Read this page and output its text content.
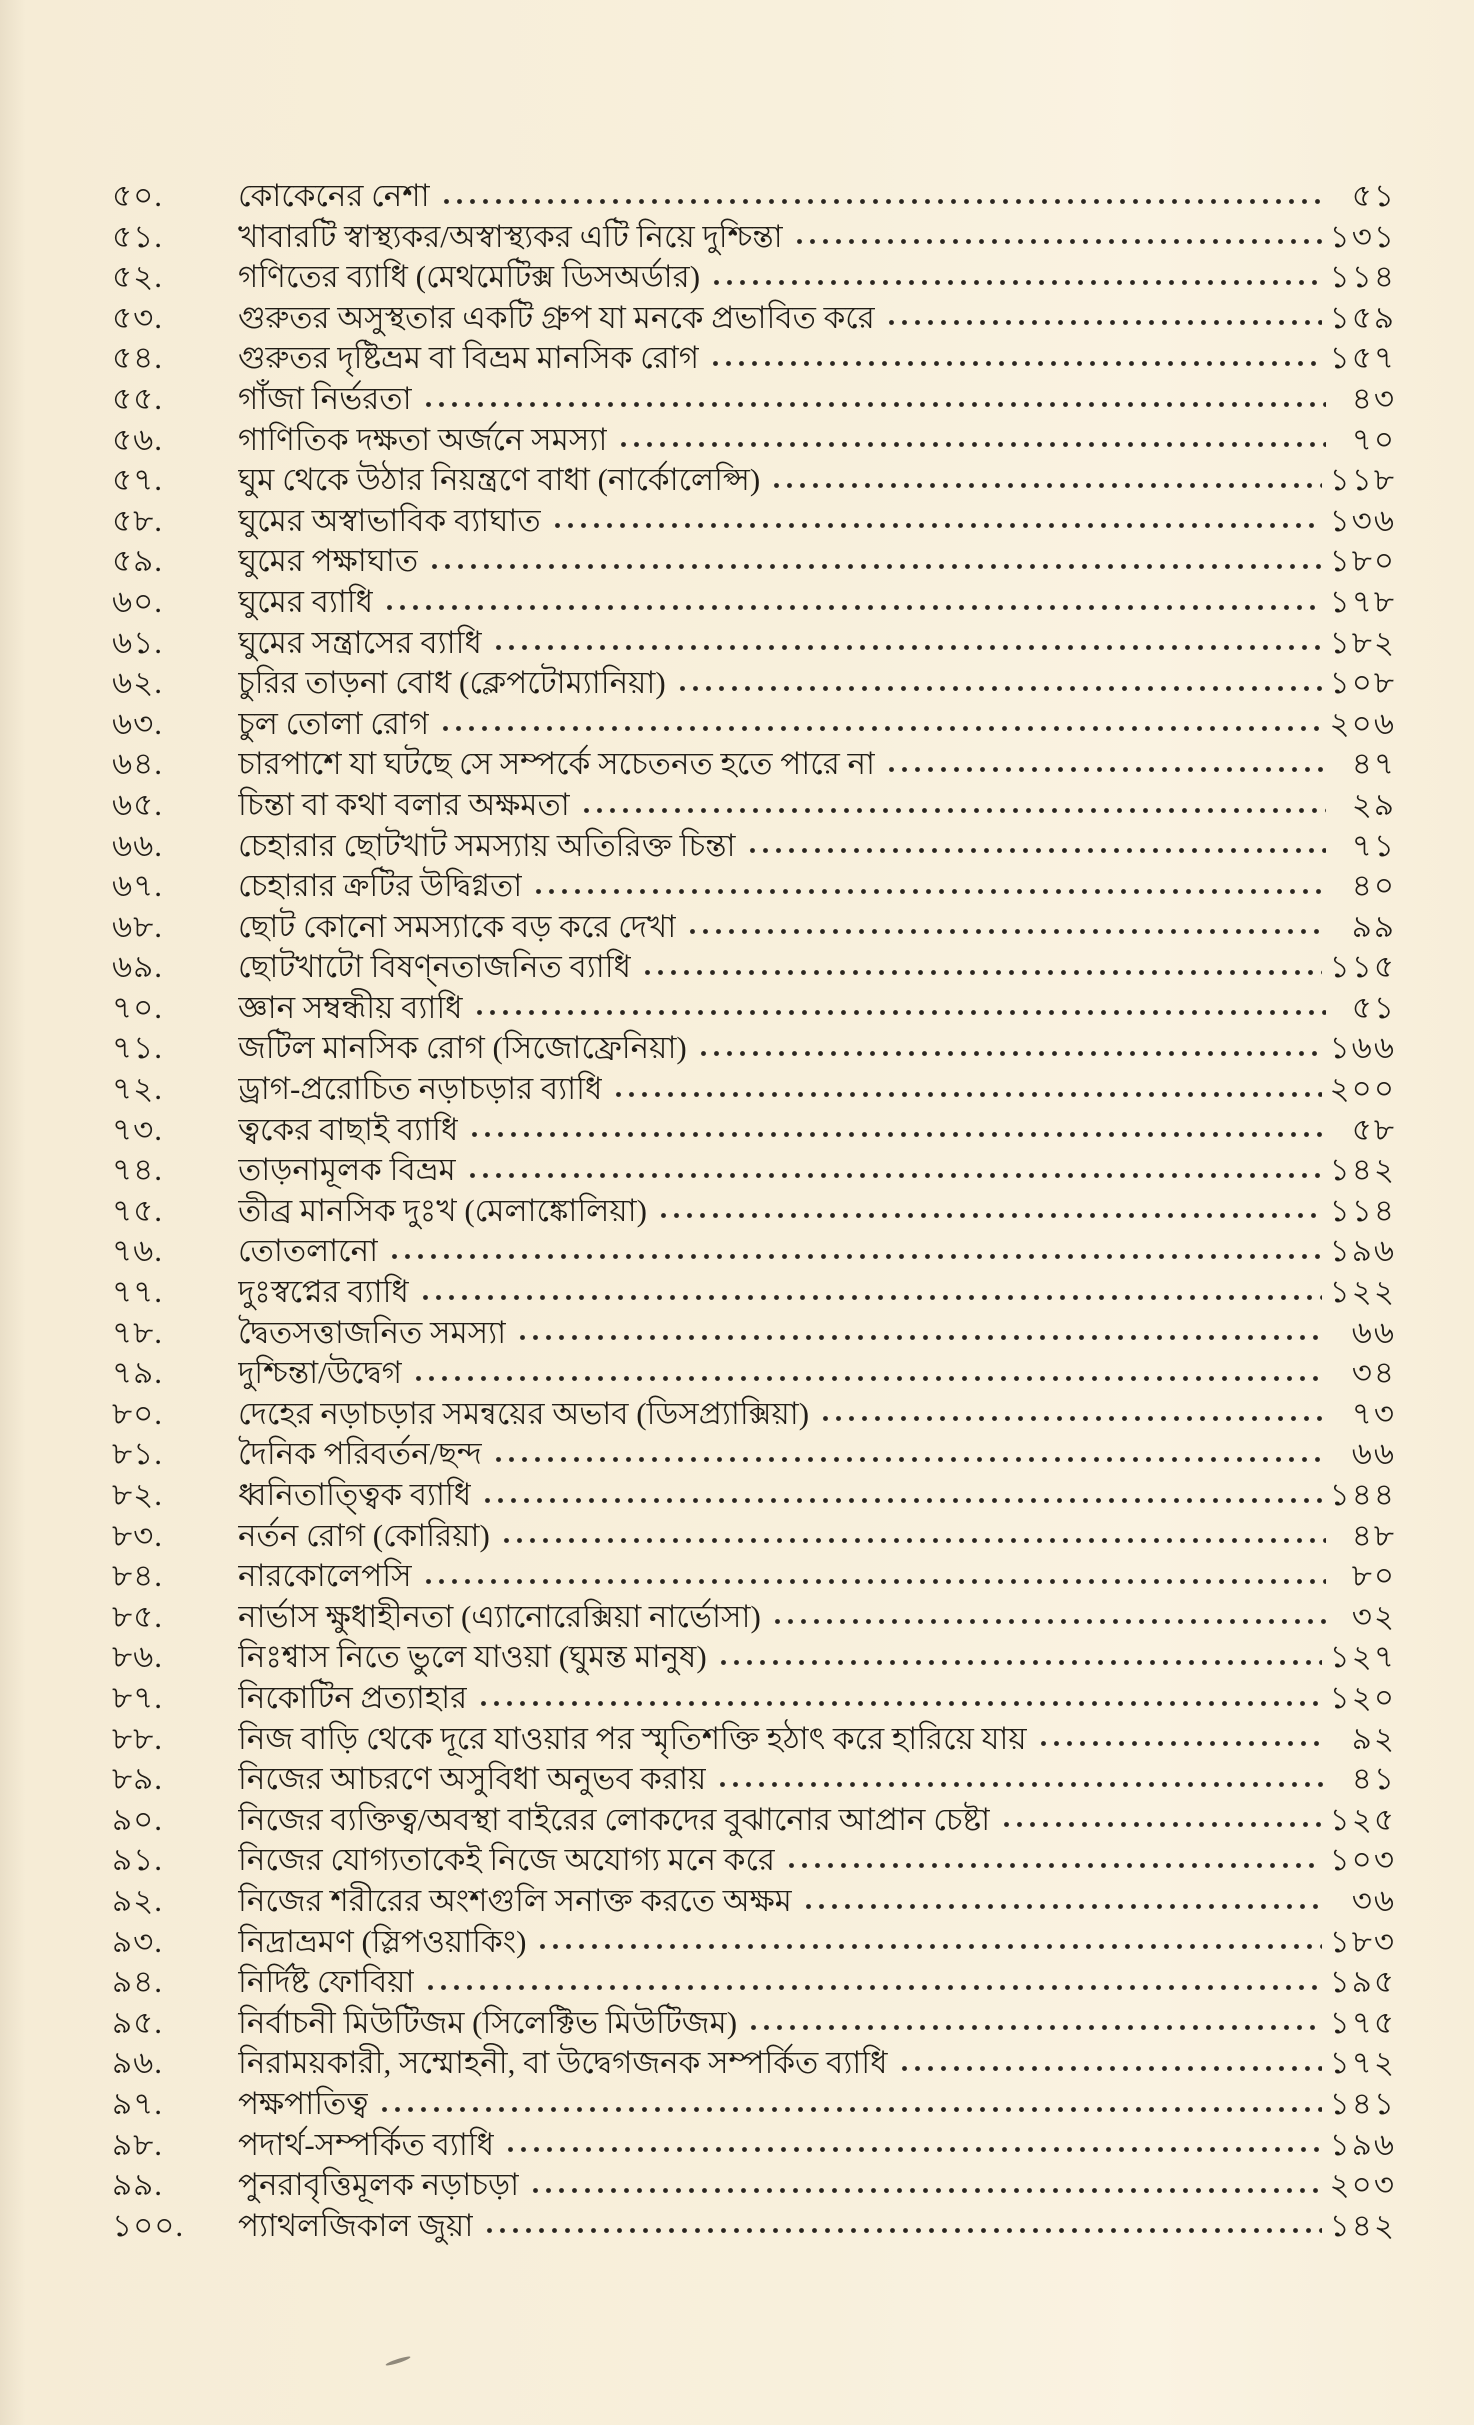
৫০.	কোকেনের নেশা	৫১
৫১.	খাবারটি স্বাস্থ্যকর/অস্বাস্থ্যকর এটি নিয়ে দুশ্চিন্তা	১৩১
৫২.	গণিতের ব্যাধি (মেথমেটিক্স ডিসঅর্ডার)	১১৪
৫৩.	গুরুতর অসুস্থতার একটি গ্রুপ যা মনকে প্রভাবিত করে	১৫৯
৫৪.	গুরুতর দৃষ্টিভ্রম বা বিভ্রম মানসিক রোগ	১৫৭
৫৫.	গাঁজা নির্ভরতা	৪৩
৫৬.	গাণিতিক দক্ষতা অর্জনে সমস্যা	৭০
৫৭.	ঘুম থেকে উঠার নিয়ন্ত্রণে বাধা (নার্কোলেপ্সি)	১১৮
৫৮.	ঘুমের অস্বাভাবিক ব্যাঘাত	১৩৬
৫৯.	ঘুমের পক্ষাঘাত	১৮০
৬০.	ঘুমের ব্যাধি	১৭৮
৬১.	ঘুমের সন্ত্রাসের ব্যাধি	১৮২
৬২.	চুরির তাড়না বোধ (ক্লেপটোম্যানিয়া)	১০৮
৬৩.	চুল তোলা রোগ	২০৬
৬৪.	চারপাশে যা ঘটছে সে সম্পর্কে সচেতনত হতে পারে না	৪৭
৬৫.	চিন্তা বা কথা বলার অক্ষমতা	২৯
৬৬.	চেহারার ছোটখাট সমস্যায় অতিরিক্ত চিন্তা	৭১
৬৭.	চেহারার ক্রটির উদ্বিগ্নতা	৪০
৬৮.	ছোট কোনো সমস্যাকে বড় করে দেখা	৯৯
৬৯.	ছোটখাটো বিষণ্নতাজনিত ব্যাধি	১১৫
৭০.	জ্ঞান সম্বন্ধীয় ব্যাধি	৫১
৭১.	জটিল মানসিক রোগ (সিজোফ্রেনিয়া)	১৬৬
৭২.	ড্রাগ-প্ররোচিত নড়াচড়ার ব্যাধি	২০০
৭৩.	ত্বকের বাছাই ব্যাধি	৫৮
৭৪.	তাড়নামূলক বিভ্রম	১৪২
৭৫.	তীব্র মানসিক দুঃখ (মেলাঙ্কোলিয়া)	১১৪
৭৬.	তোতলানো	১৯৬
৭৭.	দুঃস্বপ্নের ব্যাধি	১২২
৭৮.	দ্বৈতসত্তাজনিত সমস্যা	৬৬
৭৯.	দুশ্চিন্তা/উদ্বেগ	৩৪
৮০.	দেহের নড়াচড়ার সমন্বয়ের অভাব (ডিসপ্র্যাক্সিয়া)	৭৩
৮১.	দৈনিক পরিবর্তন/ছন্দ	৬৬
৮২.	ধ্বনিতাত্ত্বিক ব্যাধি	১৪৪
৮৩.	নর্তন রোগ (কোরিয়া)	৪৮
৮৪.	নারকোলেপসি	৮০
৮৫.	নার্ভাস ক্ষুধাহীনতা (এ্যানোরেক্সিয়া নার্ভোসা)	৩২
৮৬.	নিঃশ্বাস নিতে ভুলে যাওয়া (ঘুমন্ত মানুষ)	১২৭
৮৭.	নিকোটিন প্রত্যাহার	১২০
৮৮.	নিজ বাড়ি থেকে দূরে যাওয়ার পর স্মৃতিশক্তি হঠাৎ করে হারিয়ে যায়	৯২
৮৯.	নিজের আচরণে অসুবিধা অনুভব করায়	৪১
৯০.	নিজের ব্যক্তিত্ব/অবস্থা বাইরের লোকদের বুঝানোর আপ্রান চেষ্টা	১২৫
৯১.	নিজের যোগ্যতাকেই নিজে অযোগ্য মনে করে	১০৩
৯২.	নিজের শরীরের অংশগুলি সনাক্ত করতে অক্ষম	৩৬
৯৩.	নিদ্রাভ্রমণ (স্লিপওয়াকিং)	১৮৩
৯৪.	নির্দিষ্ট ফোবিয়া	১৯৫
৯৫.	নির্বাচনী মিউটিজম (সিলেক্টিভ মিউটিজম)	১৭৫
৯৬.	নিরাময়কারী, সম্মোহনী, বা উদ্বেগজনক সম্পর্কিত ব্যাধি	১৭২
৯৭.	পক্ষপাতিত্ব	১৪১
৯৮.	পদার্থ-সম্পর্কিত ব্যাধি	১৯৬
৯৯.	পুনরাবৃত্তিমূলক নড়াচড়া	২০৩
১০০.	প্যাথলজিকাল জুয়া	১৪২
